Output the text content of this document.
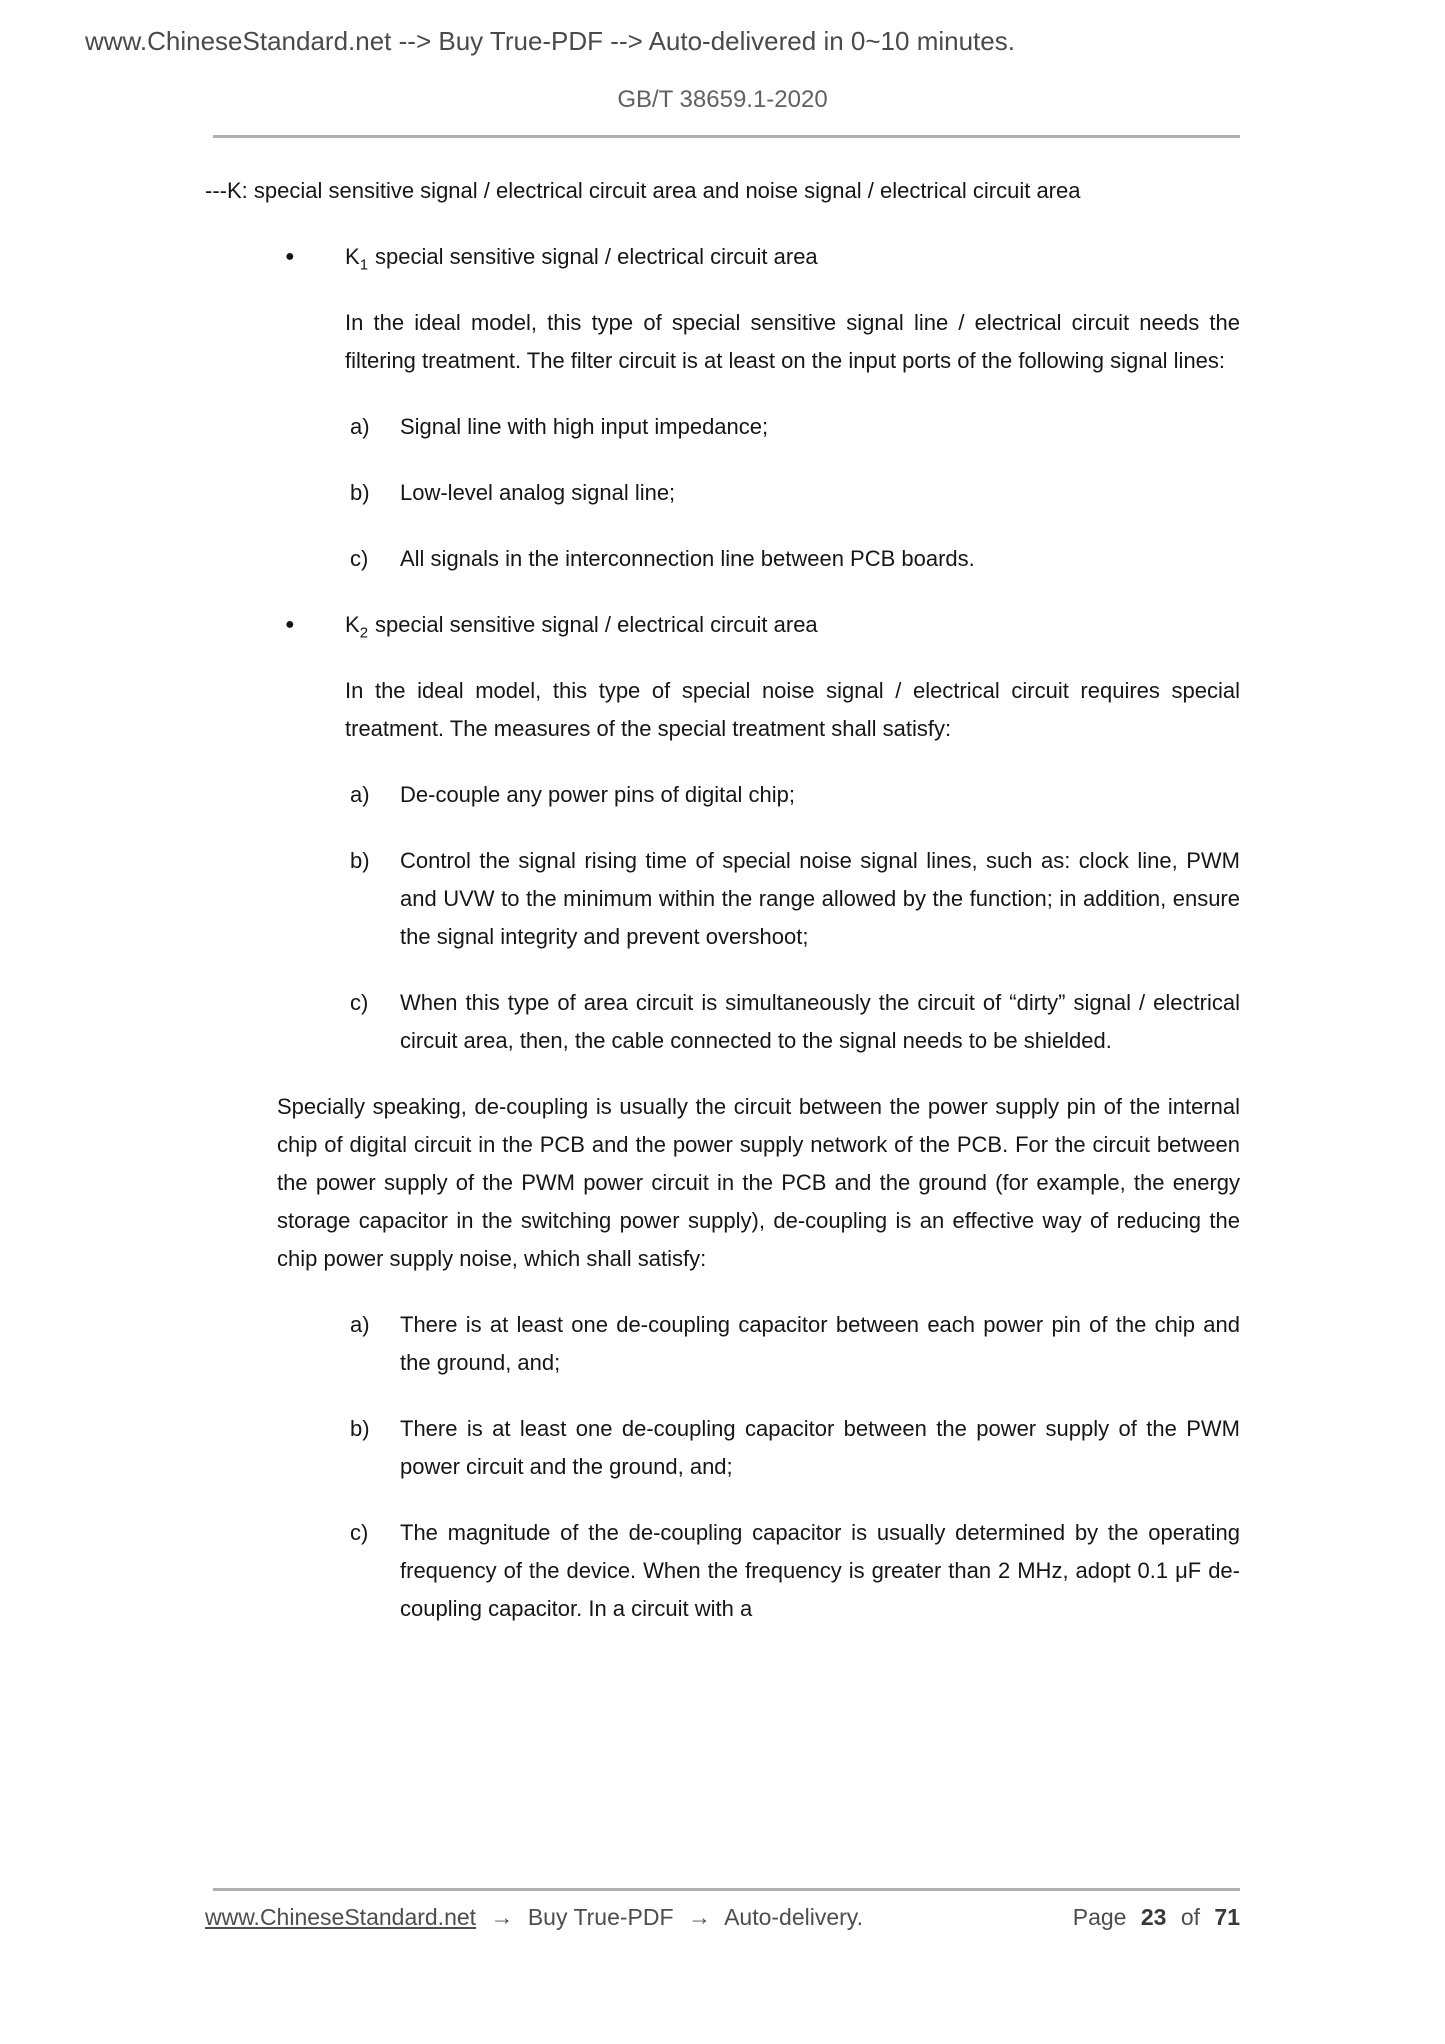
www.ChineseStandard.net --> Buy True-PDF --> Auto-delivered in 0~10 minutes.
GB/T 38659.1-2020
---K: special sensitive signal / electrical circuit area and noise signal / electrical circuit area
●	$K_1$ special sensitive signal / electrical circuit area
In the ideal model, this type of special sensitive signal line / electrical circuit needs the filtering treatment. The filter circuit is at least on the input ports of the following signal lines:
a)	Signal line with high input impedance;
b)	Low-level analog signal line;
c)	All signals in the interconnection line between PCB boards.
●	$K_2$ special sensitive signal / electrical circuit area
In the ideal model, this type of special noise signal / electrical circuit requires special treatment. The measures of the special treatment shall satisfy:
a)	De-couple any power pins of digital chip;
b)	Control the signal rising time of special noise signal lines, such as: clock line, PWM and UVW to the minimum within the range allowed by the function; in addition, ensure the signal integrity and prevent overshoot;
c)	When this type of area circuit is simultaneously the circuit of “dirty” signal / electrical circuit area, then, the cable connected to the signal needs to be shielded.
Specially speaking, de-coupling is usually the circuit between the power supply pin of the internal chip of digital circuit in the PCB and the power supply network of the PCB. For the circuit between the power supply of the PWM power circuit in the PCB and the ground (for example, the energy storage capacitor in the switching power supply), de-coupling is an effective way of reducing the chip power supply noise, which shall satisfy:
a)	There is at least one de-coupling capacitor between each power pin of the chip and the ground, and;
b)	There is at least one de-coupling capacitor between the power supply of the PWM power circuit and the ground, and;
c)	The magnitude of the de-coupling capacitor is usually determined by the operating frequency of the device. When the frequency is greater than 2 MHz, adopt 0.1 μF de-coupling capacitor. In a circuit with a
www.ChineseStandard.net → Buy True-PDF → Auto-delivery.	Page 23 of 71
